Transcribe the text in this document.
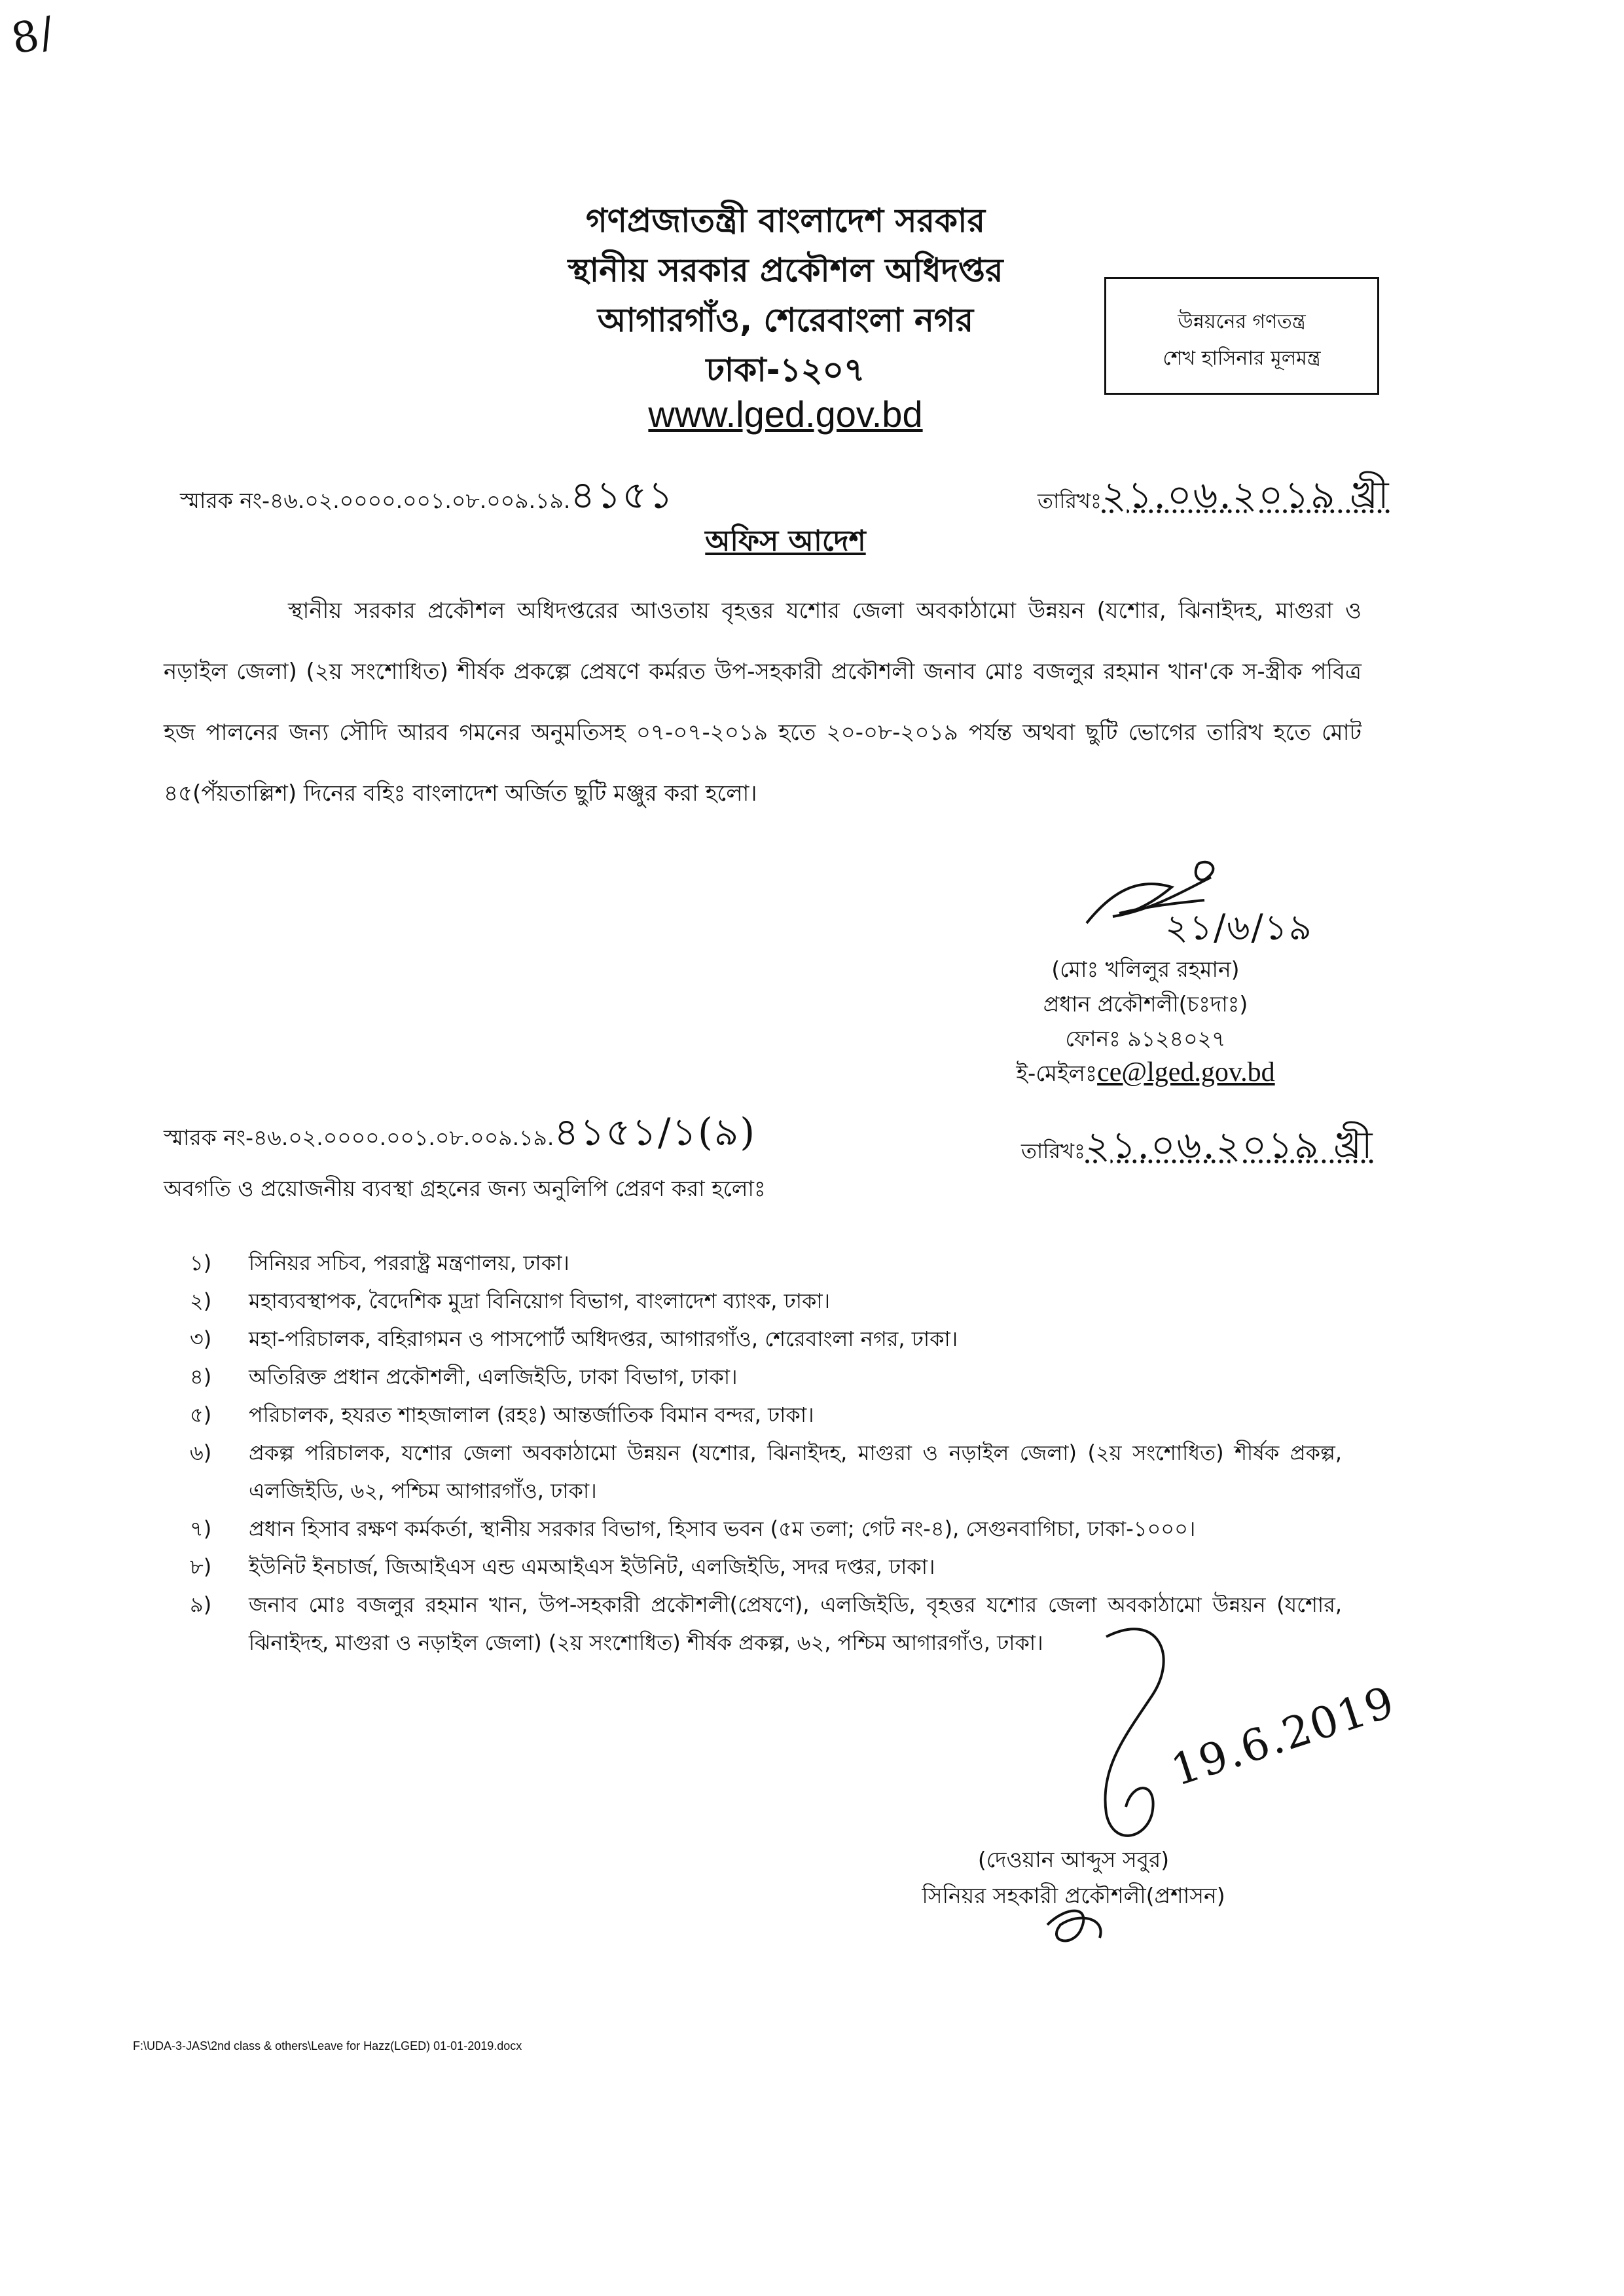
8/
গণপ্রজাতন্ত্রী বাংলাদেশ সরকার
স্থানীয় সরকার প্রকৌশল অধিদপ্তর
আগারগাঁও, শেরেবাংলা নগর
ঢাকা-১২০৭
www.lged.gov.bd
উন্নয়নের গণতন্ত্র
শেখ হাসিনার মূলমন্ত্র
স্মারক নং-৪৬.০২.০০০০.০০১.০৮.০০৯.১৯.৪১৫১	তারিখঃ২১.০৬.২০১৯ খ্রী
অফিস আদেশ
স্থানীয় সরকার প্রকৌশল অধিদপ্তরের আওতায় বৃহত্তর যশোর জেলা অবকাঠামো উন্নয়ন (যশোর, ঝিনাইদহ, মাগুরা ও নড়াইল জেলা) (২য় সংশোধিত) শীর্ষক প্রকল্পে প্রেষণে কর্মরত উপ-সহকারী প্রকৌশলী জনাব মোঃ বজলুর রহমান খান'কে স-স্ত্রীক পবিত্র হজ পালনের জন্য সৌদি আরব গমনের অনুমতিসহ ০৭-০৭-২০১৯ হতে ২০-০৮-২০১৯ পর্যন্ত অথবা ছুটি ভোগের তারিখ হতে মোট ৪৫(পঁয়তাল্লিশ) দিনের বহিঃ বাংলাদেশ অর্জিত ছুটি মঞ্জুর করা হলো।
২১/৬/১৯
(মোঃ খলিলুর রহমান)
প্রধান প্রকৌশলী(চঃদাঃ)
ফোনঃ ৯১২৪০২৭
ই-মেইলঃce@lged.gov.bd
স্মারক নং-৪৬.০২.০০০০.০০১.০৮.০০৯.১৯.৪১৫১/১(৯)	তারিখঃ২১.০৬.২০১৯ খ্রী
অবগতি ও প্রয়োজনীয় ব্যবস্থা গ্রহনের জন্য অনুলিপি প্রেরণ করা হলোঃ
১)	সিনিয়র সচিব, পররাষ্ট্র মন্ত্রণালয়, ঢাকা।
২)	মহাব্যবস্থাপক, বৈদেশিক মুদ্রা বিনিয়োগ বিভাগ, বাংলাদেশ ব্যাংক, ঢাকা।
৩)	মহা-পরিচালক, বহিরাগমন ও পাসপোর্ট অধিদপ্তর, আগারগাঁও, শেরেবাংলা নগর, ঢাকা।
৪)	অতিরিক্ত প্রধান প্রকৌশলী, এলজিইডি, ঢাকা বিভাগ, ঢাকা।
৫)	পরিচালক, হযরত শাহজালাল (রহঃ) আন্তর্জাতিক বিমান বন্দর, ঢাকা।
৬)	প্রকল্প পরিচালক, যশোর জেলা অবকাঠামো উন্নয়ন (যশোর, ঝিনাইদহ, মাগুরা ও নড়াইল জেলা) (২য় সংশোধিত) শীর্ষক প্রকল্প, এলজিইডি, ৬২, পশ্চিম আগারগাঁও, ঢাকা।
৭)	প্রধান হিসাব রক্ষণ কর্মকর্তা, স্থানীয় সরকার বিভাগ, হিসাব ভবন (৫ম তলা; গেট নং-৪), সেগুনবাগিচা, ঢাকা-১০০০।
৮)	ইউনিট ইনচার্জ, জিআইএস এন্ড এমআইএস ইউনিট, এলজিইডি, সদর দপ্তর, ঢাকা।
৯)	জনাব মোঃ বজলুর রহমান খান, উপ-সহকারী প্রকৌশলী(প্রেষণে), এলজিইডি, বৃহত্তর যশোর জেলা অবকাঠামো উন্নয়ন (যশোর, ঝিনাইদহ, মাগুরা ও নড়াইল জেলা) (২য় সংশোধিত) শীর্ষক প্রকল্প, ৬২, পশ্চিম আগারগাঁও, ঢাকা।
19.6.2019
(দেওয়ান আব্দুস সবুর)
সিনিয়র সহকারী প্রকৌশলী(প্রশাসন)
F:\UDA-3-JAS\2nd class & others\Leave for Hazz(LGED) 01-01-2019.docx
